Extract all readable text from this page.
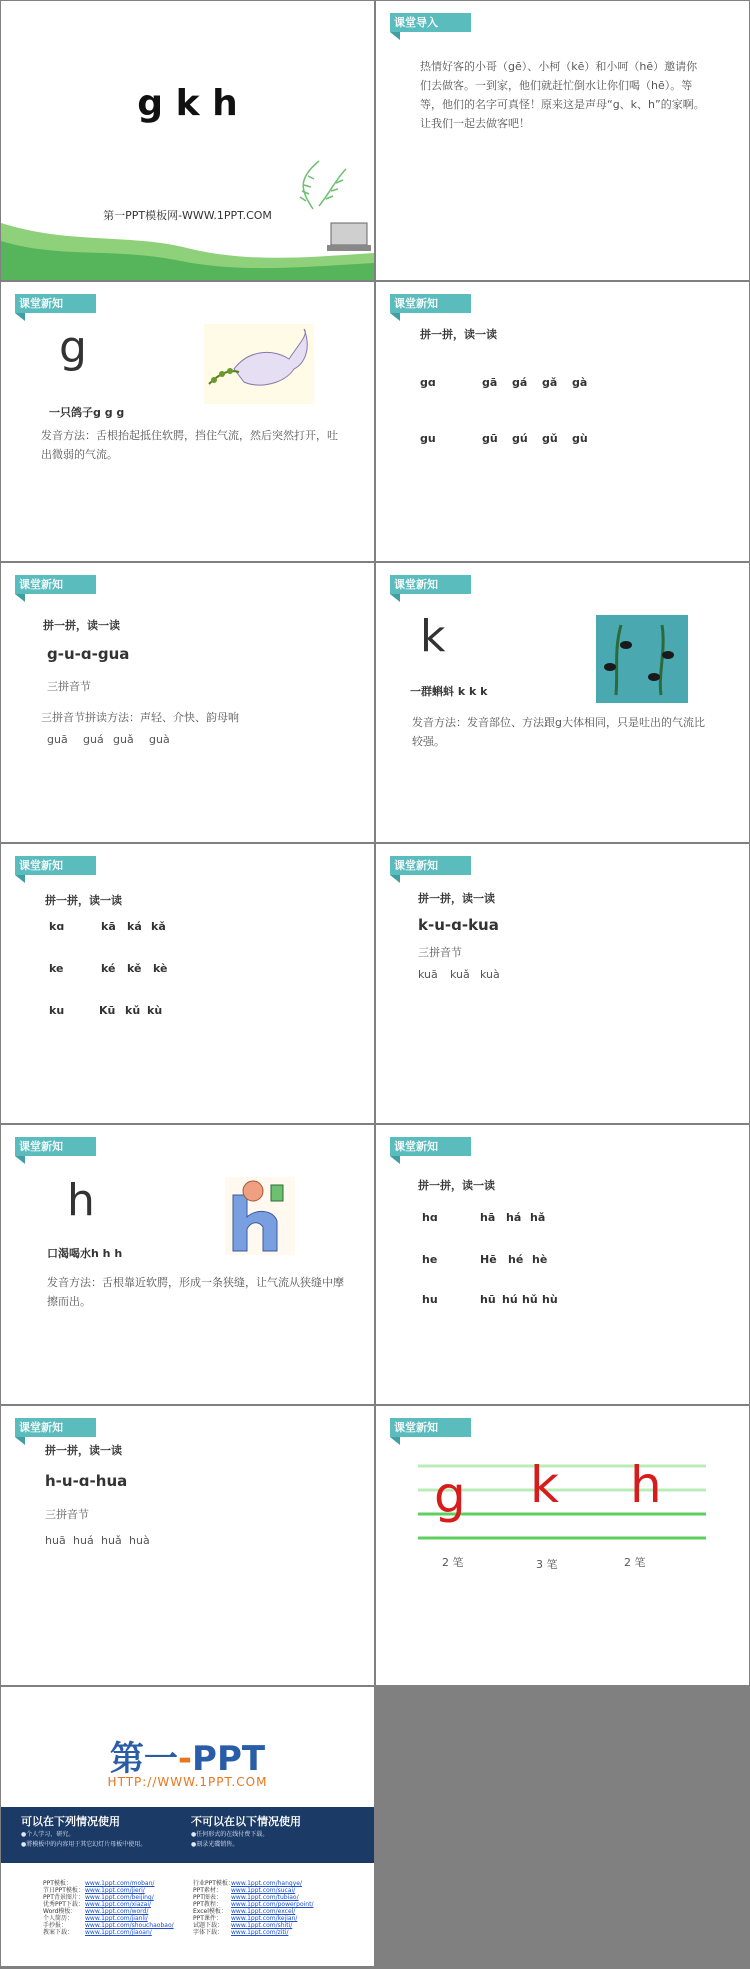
g k h
第一PPT模板网-WWW.1PPT.COM
课堂导入
热情好客的小哥（gē）、小柯（kē）和小呵（hē）邀请你们去做客。一到家，他们就赶忙倒水让你们喝（hē）。等等，他们的名字可真怪！原来这是声母“g、k、h”的家啊。让我们一起去做客吧！
课堂新知
g
一只鸽子g g g
发音方法：舌根抬起抵住软腭，挡住气流，然后突然打开，吐出微弱的气流。
课堂新知
拼一拼，读一读
gɑ	gā gá gǎ gà
gu	gū gú gǔ gù
课堂新知
拼一拼，读一读
g-u-ɑ-gua
三拼音节
三拼音节拼读方法：声轻、介快、韵母响
guā guá guǎ guà
课堂新知
k
一群蝌蚪 k k k
发音方法：发音部位、方法跟g大体相同，只是吐出的气流比较强。
课堂新知
拼一拼，读一读
kɑ	kā ká kǎ
ke	ké kě kè
ku	Kū kǔ kù
课堂新知
拼一拼，读一读
k-u-ɑ-kua
三拼音节
kuā kuǎ kuà
课堂新知
h
口渴喝水h h h
发音方法：舌根靠近软腭，形成一条狭缝，让气流从狭缝中摩擦而出。
课堂新知
拼一拼，读一读
hɑ	hā há hǎ
he	Hē hé hè
hu	hū hú hǔ hù
课堂新知
拼一拼，读一读
h-u-ɑ-hua
三拼音节
huā huá huǎ huà
课堂新知
g k h
2 笔	3 笔	2 笔
第一-PPT
HTTP://WWW.1PPT.COM
可以在下列情况使用
●个人学习、研究。
●將模板中的内容用于其它幻灯片母板中使用。
不可以在以下情况使用
●任何形式的在线付费下载。
●刻录光碟销售。
PPT模板： www.1ppt.com/moban/
节日PPT模板： www.1ppt.com/jieri/
PPT背景图片： www.1ppt.com/beijing/
优秀PPT下载： www.1ppt.com/xiazai/
Word模板： www.1ppt.com/word/
个人简历： www.1ppt.com/jianli/
手抄报：	www.1ppt.com/shouchaobao/
教案下载： www.1ppt.com/jiaoan/
行业PPT模板：
www.1ppt.com/hangye/
PPT素材： www.1ppt.com/sucai/
PPT图表： www.1ppt.com/tubiao/
PPT教程： www.1ppt.com/powerpoint/
Excel模板： www.1ppt.com/excel/
PPT课件： www.1ppt.com/kejian/
试题下载： www.1ppt.com/shiti/
字体下载： www.1ppt.com/ziti/
